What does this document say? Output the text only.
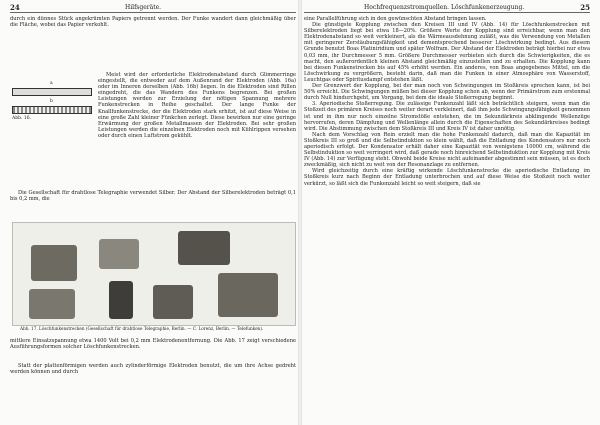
24	Hilfsgeräte.

durch ein dünnes Stück angekrümten Papiers getrennt werden. Der Funke wandert dann gleichmäßig über die Fläche, wobei das Papier verkohlt.

a
b
Abb. 16.

Meist wird der erforderliche Elektrodenabstand durch Glimmerringe eingestellt, die entweder auf dem Außenrand der Elektroden (Abb. 16a) oder im Inneren derselben (Abb. 16b) liegen. In die Elektroden sind Rillen eingedreht, die das Wandern des Funkens begrenzen. Bei großen Leistungen werden zur Erzielung der nötigen Spannung mehrere Funkenstrecken in Reihe geschaltet. Der lange Funke der Knallfunkenstrecke, der die Elektroden stark erhitzt, ist auf diese Weise in eine große Zahl kleiner Fünkchen zerlegt. Diese bewirken nur eine geringe Erwärmung der großen Metallmassen der Elektroden. Bei sehr großen Leistungen werden die einzelnen Elektroden noch mit Kühlrippen versehen oder durch einen Luftstrom gekühlt.

Die Gesellschaft für drahtlose Telegraphie verwendet Silber. Der Abstand der Silberelektroden beträgt 0,1 bis 0,2 mm, die

Abb. 17. Löschfunkenstrecken (Gesellschaft für drahtlose Telegraphie, Berlin. — C. Lorenz, Berlin. — Telefunken).

mittlere Einsatzspannung etwa 1400 Volt bei 0,2 mm Elektrodenentfernung. Die Abb. 17 zeigt verschiedene Ausführungsformen solcher Löschfunkenstrecken.

Statt der plattenförmigen werden auch zylinderförmige Elektroden benutzt, die um ihre Achse gedreht werden können und durch

Hochfrequenzstromquellen. Löschfunkenerzeugung.	25

eine Parallelführung sich in den gewünschten Abstand bringen lassen.

Die günstigste Kopplung zwischen den Kreisen III und IV (Abb. 14) für Löschfunkenstrecken mit Silberelektroden liegt bei etwa 18—20%. Größere Werte der Kopplung sind erreichbar, wenn man den Elektrodenabstand so weit verkleinert, als die Wärmeausdehnung zuläßt, was die Verwendung von Metallen mit geringerer Zerstäubungsfähigkeit und dementsprechend besserer Löschwirkung bedingt. Aus diesem Grunde benutzt Boas Platiniridium und später Wolfram. Der Abstand der Elektroden beträgt hierbei nur etwa 0,03 mm, ihr Durchmesser 5 mm. Größere Durchmesser verbieten sich durch die Schwierigkeiten, die es macht, den außerordentlich kleinen Abstand gleichmäßig einzustellen und zu erhalten. Die Kopplung kann bei diesen Funkenstrecken bis auf 45% erhöht werden. Ein anderes, von Boas angegebenes Mittel, um die Löschwirkung zu vergrößern, besteht darin, daß man die Funken in einer Atmosphäre von Wasserstoff, Leuchtgas oder Spiritusdampf entstehen läßt.

Der Grenzwert der Kopplung, bei der man noch von Schwingungen im Stoßkreis sprechen kann, ist bei 50% erreicht. Die Schwingungen müßen bei dieser Kopplung schon ab, wenn der Primärstrom zum erstenmal durch Null hindurchgeht, um Vorgang, bei dem die ideale Stoßerregung beginnt.

3. Aperiodische Stoßerregung. Die zulässige Funkenzahl läßt sich beträchtlich steigern, wenn man die Stoßzeit des primären Kreises noch weiter derart verkleinert, daß ihm jede Schwingungsfähigkeit genommen ist und in ihm nur noch einzelne Stromstöße entstehen, die im Sekundärkreis abklingende Wellenzüge hervorrufen, deren Dämpfung und Wellenlänge allein durch die Eigenschaften des Sekundärkreises bedingt wird. Die Abstimmung zwischen dem Stoßkreis III und Kreis IV ist daher unnötig.

Nach dem Vorschlag von Rein erzielt man die hohe Funkenzahl dadurch, daß man die Kapazität im Stoßkreis III so groß und die Selbstinduktion so klein wählt, daß die Entladung des Kondensators nur noch aperiodisch erfolgt. Der Kondensator erhält daher eine Kapazität von wenigstens 10000 cm, während die Selbstinduktion so weit verringert wird, daß gerade noch hinreichend Selbstinduktion zur Kopplung mit Kreis IV (Abb. 14) zur Verfügung steht. Obwohl beide Kreise nicht aufeinander abgestimmt sein müssen, ist es doch zweckmäßig, sich nicht zu weit von der Resonanzlage zu entfernen.

Wird gleichzeitig durch eine kräftig wirkende Löschfunkenstrecke die aperiodische Entladung im Stoßkreis kurz nach Beginn der Entladung unterbrochen und auf diese Weise die Stoßzeit noch weiter verkürzt, so läßt sich die Funkenzahl leicht so weit steigern, daß sie
